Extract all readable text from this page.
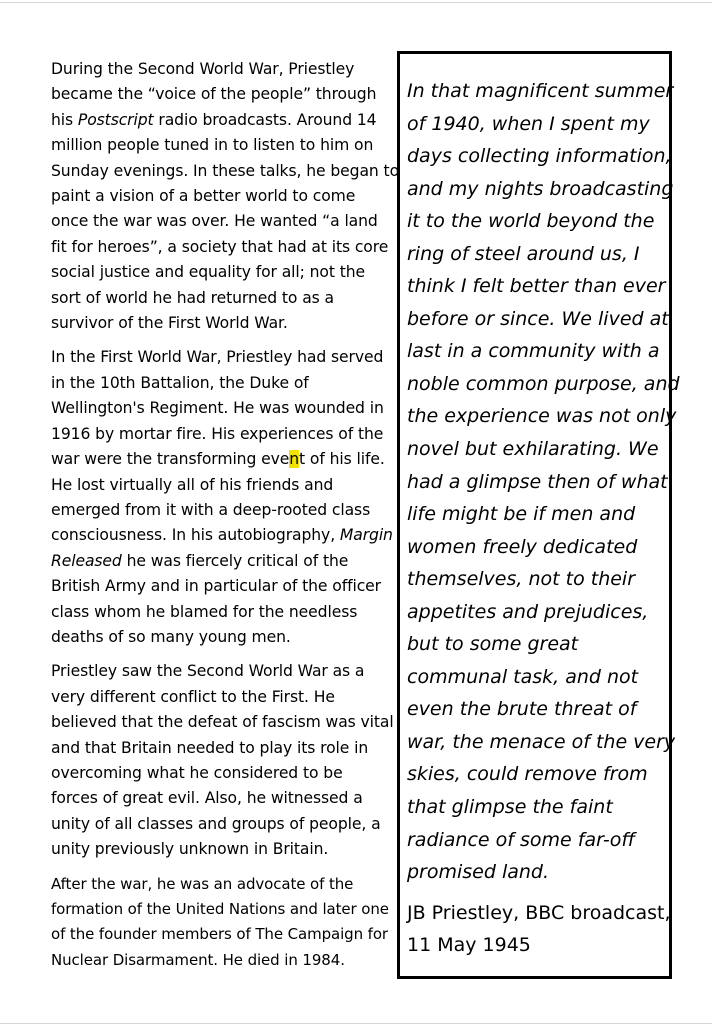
During the Second World War, Priestley
became the “voice of the people” through
his Postscript radio broadcasts. Around 14
million people tuned in to listen to him on
Sunday evenings. In these talks, he began to
paint a vision of a better world to come
once the war was over. He wanted “a land
fit for heroes”, a society that had at its core
social justice and equality for all; not the
sort of world he had returned to as a
survivor of the First World War.

In the First World War, Priestley had served
in the 10th Battalion, the Duke of
Wellington's Regiment. He was wounded in
1916 by mortar fire. His experiences of the
war were the transforming event of his life.
He lost virtually all of his friends and
emerged from it with a deep-rooted class
consciousness. In his autobiography, Margin
Released he was fiercely critical of the
British Army and in particular of the officer
class whom he blamed for the needless
deaths of so many young men.

Priestley saw the Second World War as a
very different conflict to the First. He
believed that the defeat of fascism was vital
and that Britain needed to play its role in
overcoming what he considered to be
forces of great evil. Also, he witnessed a
unity of all classes and groups of people, a
unity previously unknown in Britain.

After the war, he was an advocate of the
formation of the United Nations and later one
of the founder members of The Campaign for
Nuclear Disarmament. He died in 1984.

In that magnificent summer
of 1940, when I spent my
days collecting information,
and my nights broadcasting
it to the world beyond the
ring of steel around us, I
think I felt better than ever
before or since. We lived at
last in a community with a
noble common purpose, and
the experience was not only
novel but exhilarating. We
had a glimpse then of what
life might be if men and
women freely dedicated
themselves, not to their
appetites and prejudices,
but to some great
communal task, and not
even the brute threat of
war, the menace of the very
skies, could remove from
that glimpse the faint
radiance of some far-off
promised land.
JB Priestley, BBC broadcast,
11 May 1945
